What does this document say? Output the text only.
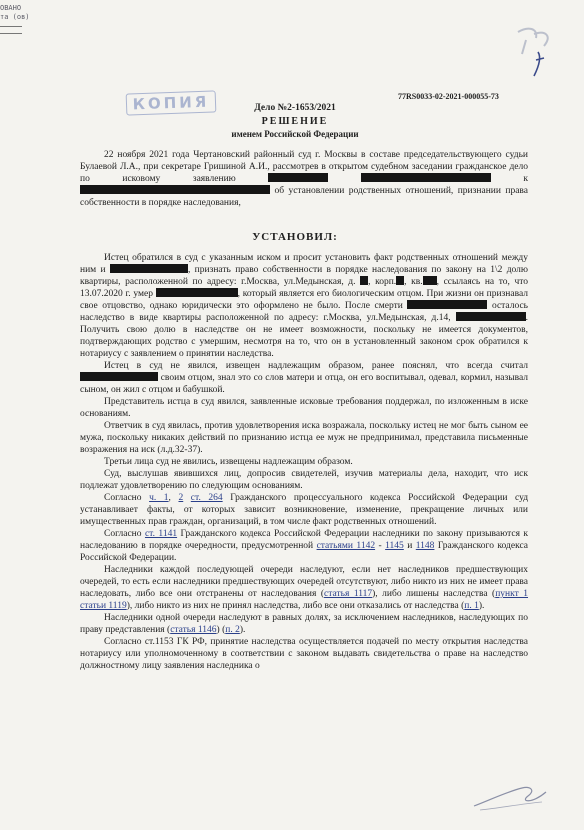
ОВАНО
та (ов)
КОПИЯ	77RS0033-02-2021-000055-73
Дело №2-1653/2021
РЕШЕНИЕ
именем Российской Федерации

22 ноября 2021 года Чертановский районный суд г. Москвы в составе председательствующего судьи Булаевой Л.А., при секретаре Гришиной А.И., рассмотрев в открытом судебном заседании гражданское дело по исковому заявлению	к  об установлении родственных отношений, признании права собственности в порядке наследования,

УСТАНОВИЛ:

Истец обратился в суд с указанным иском и просит установить факт родственных отношений между ним и	, признать право собственности в порядке наследования по закону на 1\2 долю квартиры, расположенной по адресу: г.Москва, ул.Медынская, д. , корп. , кв. , ссылаясь на то, что 13.07.2020 г. умер	, который является его биологическим отцом. При жизни он признавал свое отцовство, однако юридически это оформлено не было. После смерти	осталось наследство в виде квартиры расположенной по адресу: г.Москва, ул.Медынская, д.14,	. Получить свою долю в наследстве он не имеет возможности, поскольку не имеется документов, подтверждающих родство с умершим, несмотря на то, что он в установленный законом срок обратился к нотариусу с заявлением о принятии наследства.

Истец в суд не явился, извещен надлежащим образом, ранее пояснял, что всегда считал  своим отцом, знал это со слов матери и отца, он его воспитывал, одевал, кормил, называл сыном, он жил с отцом и бабушкой.

Представитель истца в суд явился, заявленные исковые требования поддержал, по изложенным в иске основаниям.

Ответчик в суд явилась, против удовлетворения иска возражала, поскольку истец не мог быть сыном ее мужа, поскольку никаких действий по признанию истца ее муж не предпринимал, представила письменные возражения на иск (л.д.32-37).

Третьи лица суд не явились, извещены надлежащим образом.

Суд, выслушав явившихся лиц, допросив свидетелей, изучив материалы дела, находит, что иск подлежат удовлетворению по следующим основаниям.

Согласно ч. 1, 2 ст. 264 Гражданского процессуального кодекса Российской Федерации суд устанавливает факты, от которых зависит возникновение, изменение, прекращение личных или имущественных прав граждан, организаций, в том числе факт родственных отношений.

Согласно ст. 1141 Гражданского кодекса Российской Федерации наследники по закону призываются к наследованию в порядке очередности, предусмотренной статьями 1142 - 1145 и 1148 Гражданского кодекса Российской Федерации.

Наследники каждой последующей очереди наследуют, если нет наследников предшествующих очередей, то есть если наследники предшествующих очередей отсутствуют, либо никто из них не имеет права наследовать, либо все они отстранены от наследования (статья 1117), либо лишены наследства (пункт 1 статьи 1119), либо никто из них не принял наследства, либо все они отказались от наследства (п. 1).

Наследники одной очереди наследуют в равных долях, за исключением наследников, наследующих по праву представления (статья 1146) (п. 2).

Согласно ст.1153 ГК РФ, принятие наследства осуществляется подачей по месту открытия наследства нотариусу или уполномоченному в соответствии с законом выдавать свидетельства о праве на наследство должностному лицу заявления наследника о
